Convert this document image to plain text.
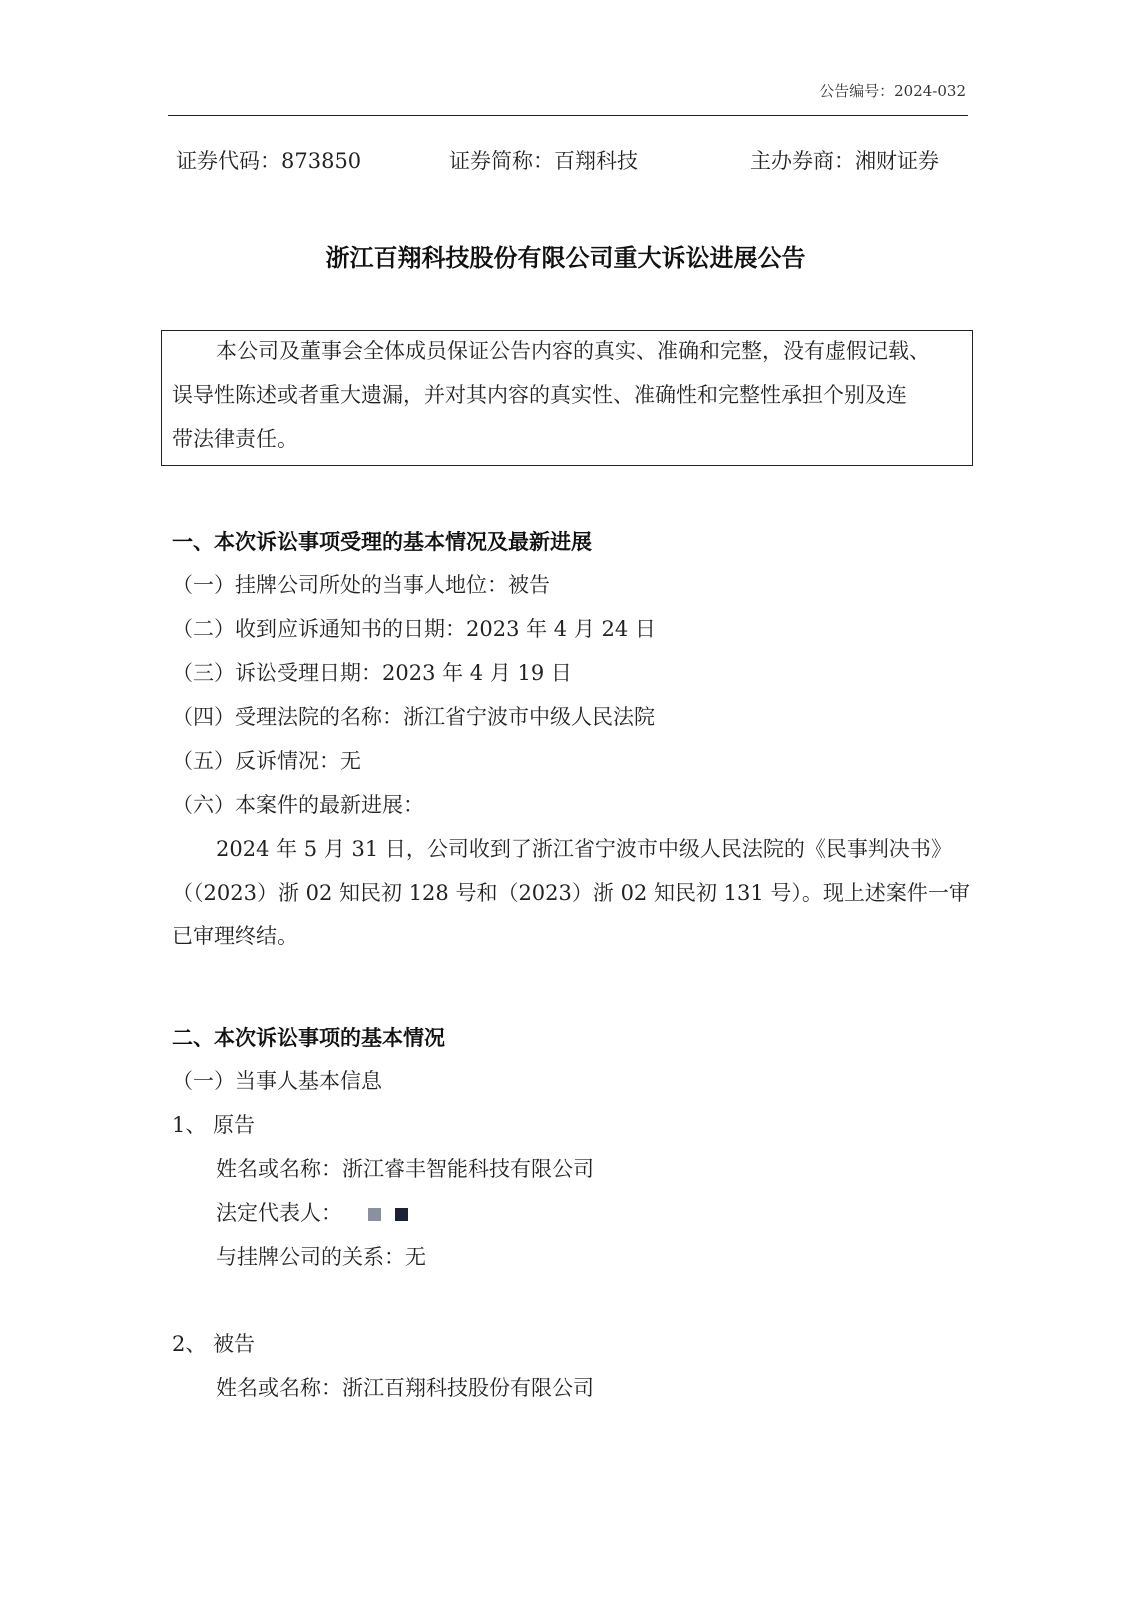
公告编号：2024-032
证券代码：873850	证券简称：百翔科技	主办券商：湘财证券
浙江百翔科技股份有限公司重大诉讼进展公告
本公司及董事会全体成员保证公告内容的真实、准确和完整，没有虚假记载、
误导性陈述或者重大遗漏，并对其内容的真实性、准确性和完整性承担个别及连
带法律责任。
一、本次诉讼事项受理的基本情况及最新进展
（一）挂牌公司所处的当事人地位：被告
（二）收到应诉通知书的日期：2023 年 4 月 24 日
（三）诉讼受理日期：2023 年 4 月 19 日
（四）受理法院的名称：浙江省宁波市中级人民法院
（五）反诉情况：无
（六）本案件的最新进展：
2024 年 5 月 31 日，公司收到了浙江省宁波市中级人民法院的《民事判决书》
（（2023）浙 02 知民初 128 号和（2023）浙 02 知民初 131 号）。现上述案件一审
已审理终结。
二、本次诉讼事项的基本情况
（一）当事人基本信息
1、 原告
姓名或名称：浙江睿丰智能科技有限公司
法定代表人：
与挂牌公司的关系：无
2、 被告
姓名或名称：浙江百翔科技股份有限公司
